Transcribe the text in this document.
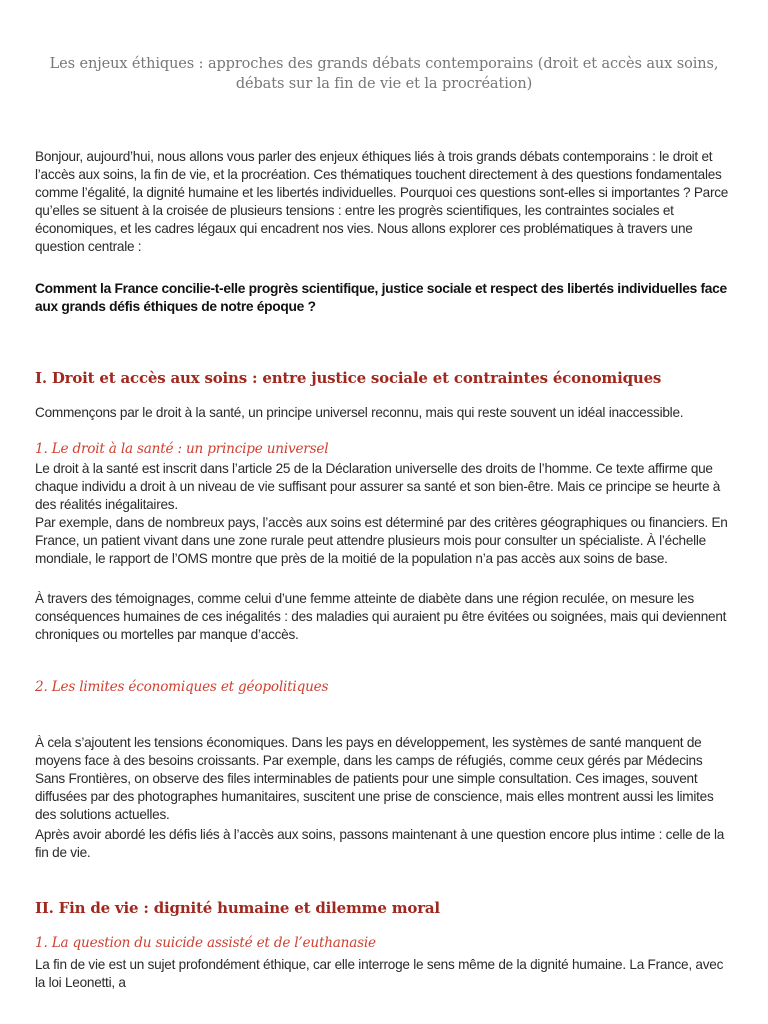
Les enjeux éthiques : approches des grands débats contemporains (droit et accès aux soins, débats sur la fin de vie et la procréation)

Bonjour, aujourd’hui, nous allons vous parler des enjeux éthiques liés à trois grands débats contemporains : le droit et l’accès aux soins, la fin de vie, et la procréation. Ces thématiques touchent directement à des questions fondamentales comme l’égalité, la dignité humaine et les libertés individuelles. Pourquoi ces questions sont-elles si importantes ? Parce qu’elles se situent à la croisée de plusieurs tensions : entre les progrès scientifiques, les contraintes sociales et économiques, et les cadres légaux qui encadrent nos vies. Nous allons explorer ces problématiques à travers une question centrale :

Comment la France concilie-t-elle progrès scientifique, justice sociale et respect des libertés individuelles face aux grands défis éthiques de notre époque ?

I. Droit et accès aux soins : entre justice sociale et contraintes économiques

Commençons par le droit à la santé, un principe universel reconnu, mais qui reste souvent un idéal inaccessible.

1. Le droit à la santé : un principe universel

Le droit à la santé est inscrit dans l’article 25 de la Déclaration universelle des droits de l’homme. Ce texte affirme que chaque individu a droit à un niveau de vie suffisant pour assurer sa santé et son bien-être. Mais ce principe se heurte à des réalités inégalitaires.

Par exemple, dans de nombreux pays, l’accès aux soins est déterminé par des critères géographiques ou financiers. En France, un patient vivant dans une zone rurale peut attendre plusieurs mois pour consulter un spécialiste. À l’échelle mondiale, le rapport de l’OMS montre que près de la moitié de la population n’a pas accès aux soins de base.

À travers des témoignages, comme celui d’une femme atteinte de diabète dans une région reculée, on mesure les conséquences humaines de ces inégalités : des maladies qui auraient pu être évitées ou soignées, mais qui deviennent chroniques ou mortelles par manque d’accès.

2. Les limites économiques et géopolitiques

À cela s’ajoutent les tensions économiques. Dans les pays en développement, les systèmes de santé manquent de moyens face à des besoins croissants. Par exemple, dans les camps de réfugiés, comme ceux gérés par Médecins Sans Frontières, on observe des files interminables de patients pour une simple consultation. Ces images, souvent diffusées par des photographes humanitaires, suscitent une prise de conscience, mais elles montrent aussi les limites des solutions actuelles.

Après avoir abordé les défis liés à l’accès aux soins, passons maintenant à une question encore plus intime : celle de la fin de vie.

II. Fin de vie : dignité humaine et dilemme moral

1. La question du suicide assisté et de l’euthanasie

La fin de vie est un sujet profondément éthique, car elle interroge le sens même de la dignité humaine. La France, avec la loi Leonetti, a
